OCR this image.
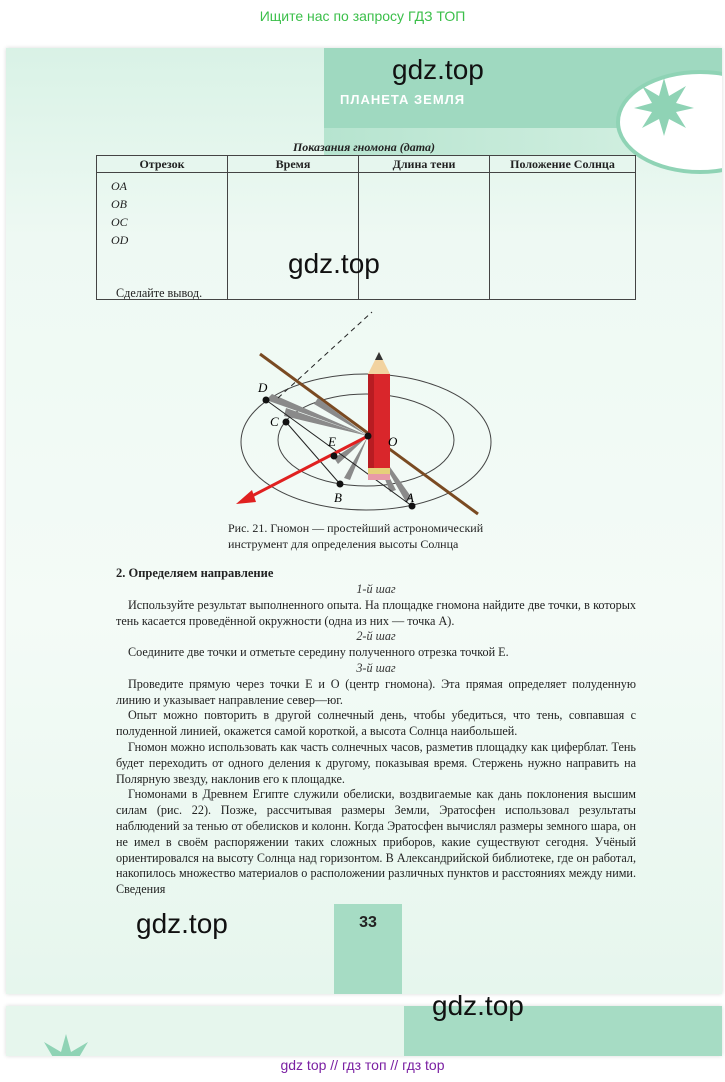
Ищите нас по запросу ГДЗ ТОП
ПЛАНЕТА ЗЕМЛЯ
gdz.top
Показания гномона (дата)
Отрезок	Время	Длина тени	Положение Солнца

OA
OB
OC
OD			

gdz.top
Сделайте вывод.
D
C
E	O
B	A
Рис. 21. Гномон — простейший астрономический
инструмент для определения высоты Солнца
2. Определяем направление

1-й шаг

Используйте результат выполненного опыта. На площадке гномона найдите две точки, в которых тень касается проведённой окружности (одна из них — точка A).

2-й шаг

Соедините две точки и отметьте середину полученного отрезка точкой E.

3-й шаг

Проведите прямую через точки E и O (центр гномона). Эта прямая определяет полуденную линию и указывает направление север—юг.

Опыт можно повторить в другой солнечный день, чтобы убедиться, что тень, совпавшая с полуденной линией, окажется самой короткой, а высота Солнца наибольшей.

Гномон можно использовать как часть солнечных часов, разметив площадку как циферблат. Тень будет переходить от одного деления к другому, показывая время. Стержень нужно направить на Полярную звезду, наклонив его к площадке.

Гномонами в Древнем Египте служили обелиски, воздвигаемые как дань поклонения высшим силам (рис. 22). Позже, рассчитывая размеры Земли, Эратосфен использовал результаты наблюдений за тенью от обелисков и колонн. Когда Эратосфен вычислял размеры земного шара, он не имел в своём распоряжении таких сложных приборов, какие существуют сегодня. Учёный ориентировался на высоту Солнца над горизонтом. В Александрийской библиотеке, где он работал, накопилось множество материалов о расположении различных пунктов и расстояниях между ними. Сведения

33
gdz.top
gdz.top
gdz top // гдз топ // гдз top
